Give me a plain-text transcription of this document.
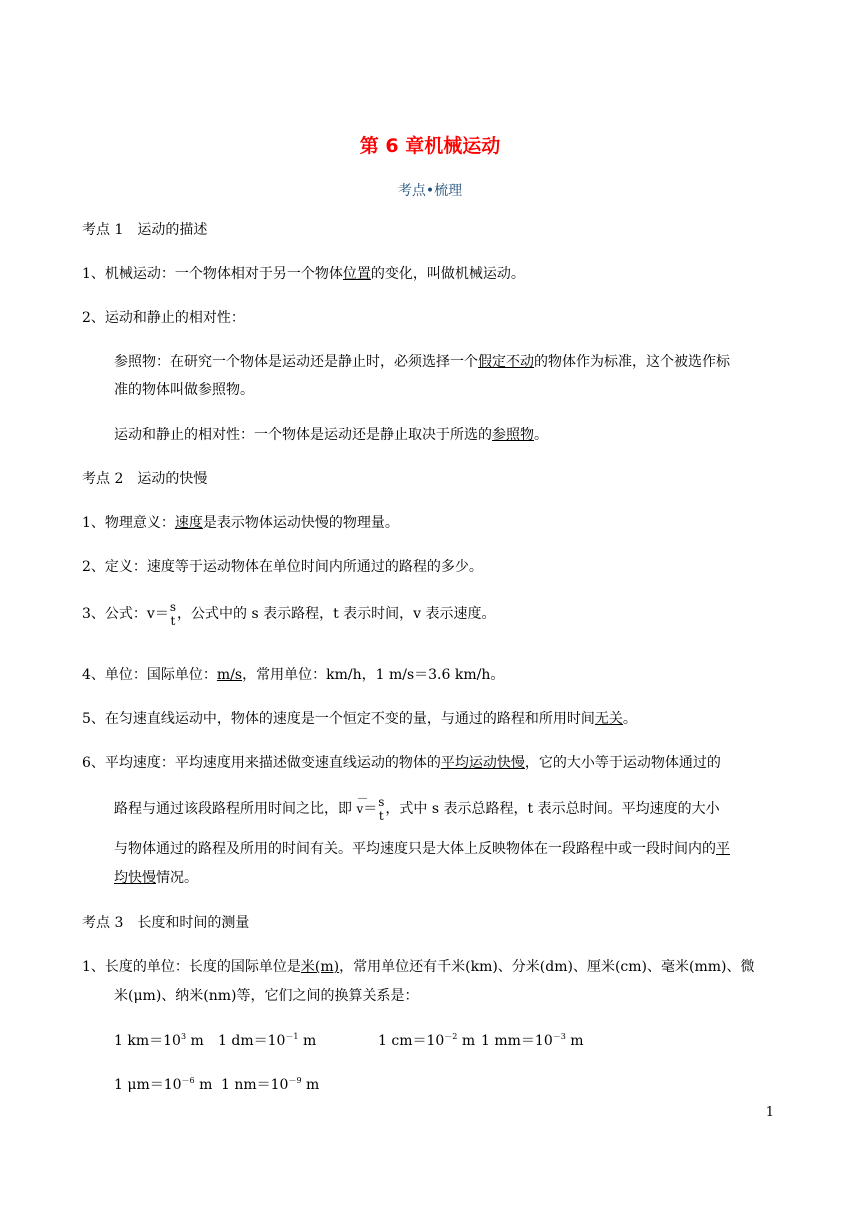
第 6 章机械运动
考点•梳理
考点 1　运动的描述
1、机械运动：一个物体相对于另一个物体位置的变化，叫做机械运动。
2、运动和静止的相对性：
参照物：在研究一个物体是运动还是静止时，必须选择一个假定不动的物体作为标准，这个被选作标
准的物体叫做参照物。
运动和静止的相对性：一个物体是运动还是静止取决于所选的参照物。
考点 2　运动的快慢
1、物理意义：速度是表示物体运动快慢的物理量。
2、定义：速度等于运动物体在单位时间内所通过的路程的多少。
3、公式：v＝ s
t ，公式中的 s 表示路程，t 表示时间，v 表示速度。
4、单位：国际单位：m/s，常用单位：km/h，1 m/s＝3.6 km/h。
5、在匀速直线运动中，物体的速度是一个恒定不变的量，与通过的路程和所用时间无关。
6、平均速度：平均速度用来描述做变速直线运动的物体的平均运动快慢，它的大小等于运动物体通过的
路程与通过该段路程所用时间之比，即
—
v＝ s
t ，式中 s 表示总路程，t 表示总时间。平均速度的大小
与物体通过的路程及所用的时间有关。平均速度只是大体上反映物体在一段路程中或一段时间内的平
均快慢情况。
考点 3　长度和时间的测量
1、长度的单位：长度的国际单位是米(m)，常用单位还有千米(km)、分米(dm)、厘米(cm)、毫米(mm)、微
米(μm)、纳米(nm)等，它们之间的换算关系是：
1 $km=10^3$ m 1 $dm=10^{-1}$ m	1 $cm=10^{-2}$ m 1 $mm=10^{-3}$ m
1 $\mu m=10^{-6}$ m 1 $nm=10^{-9}$ m
1
